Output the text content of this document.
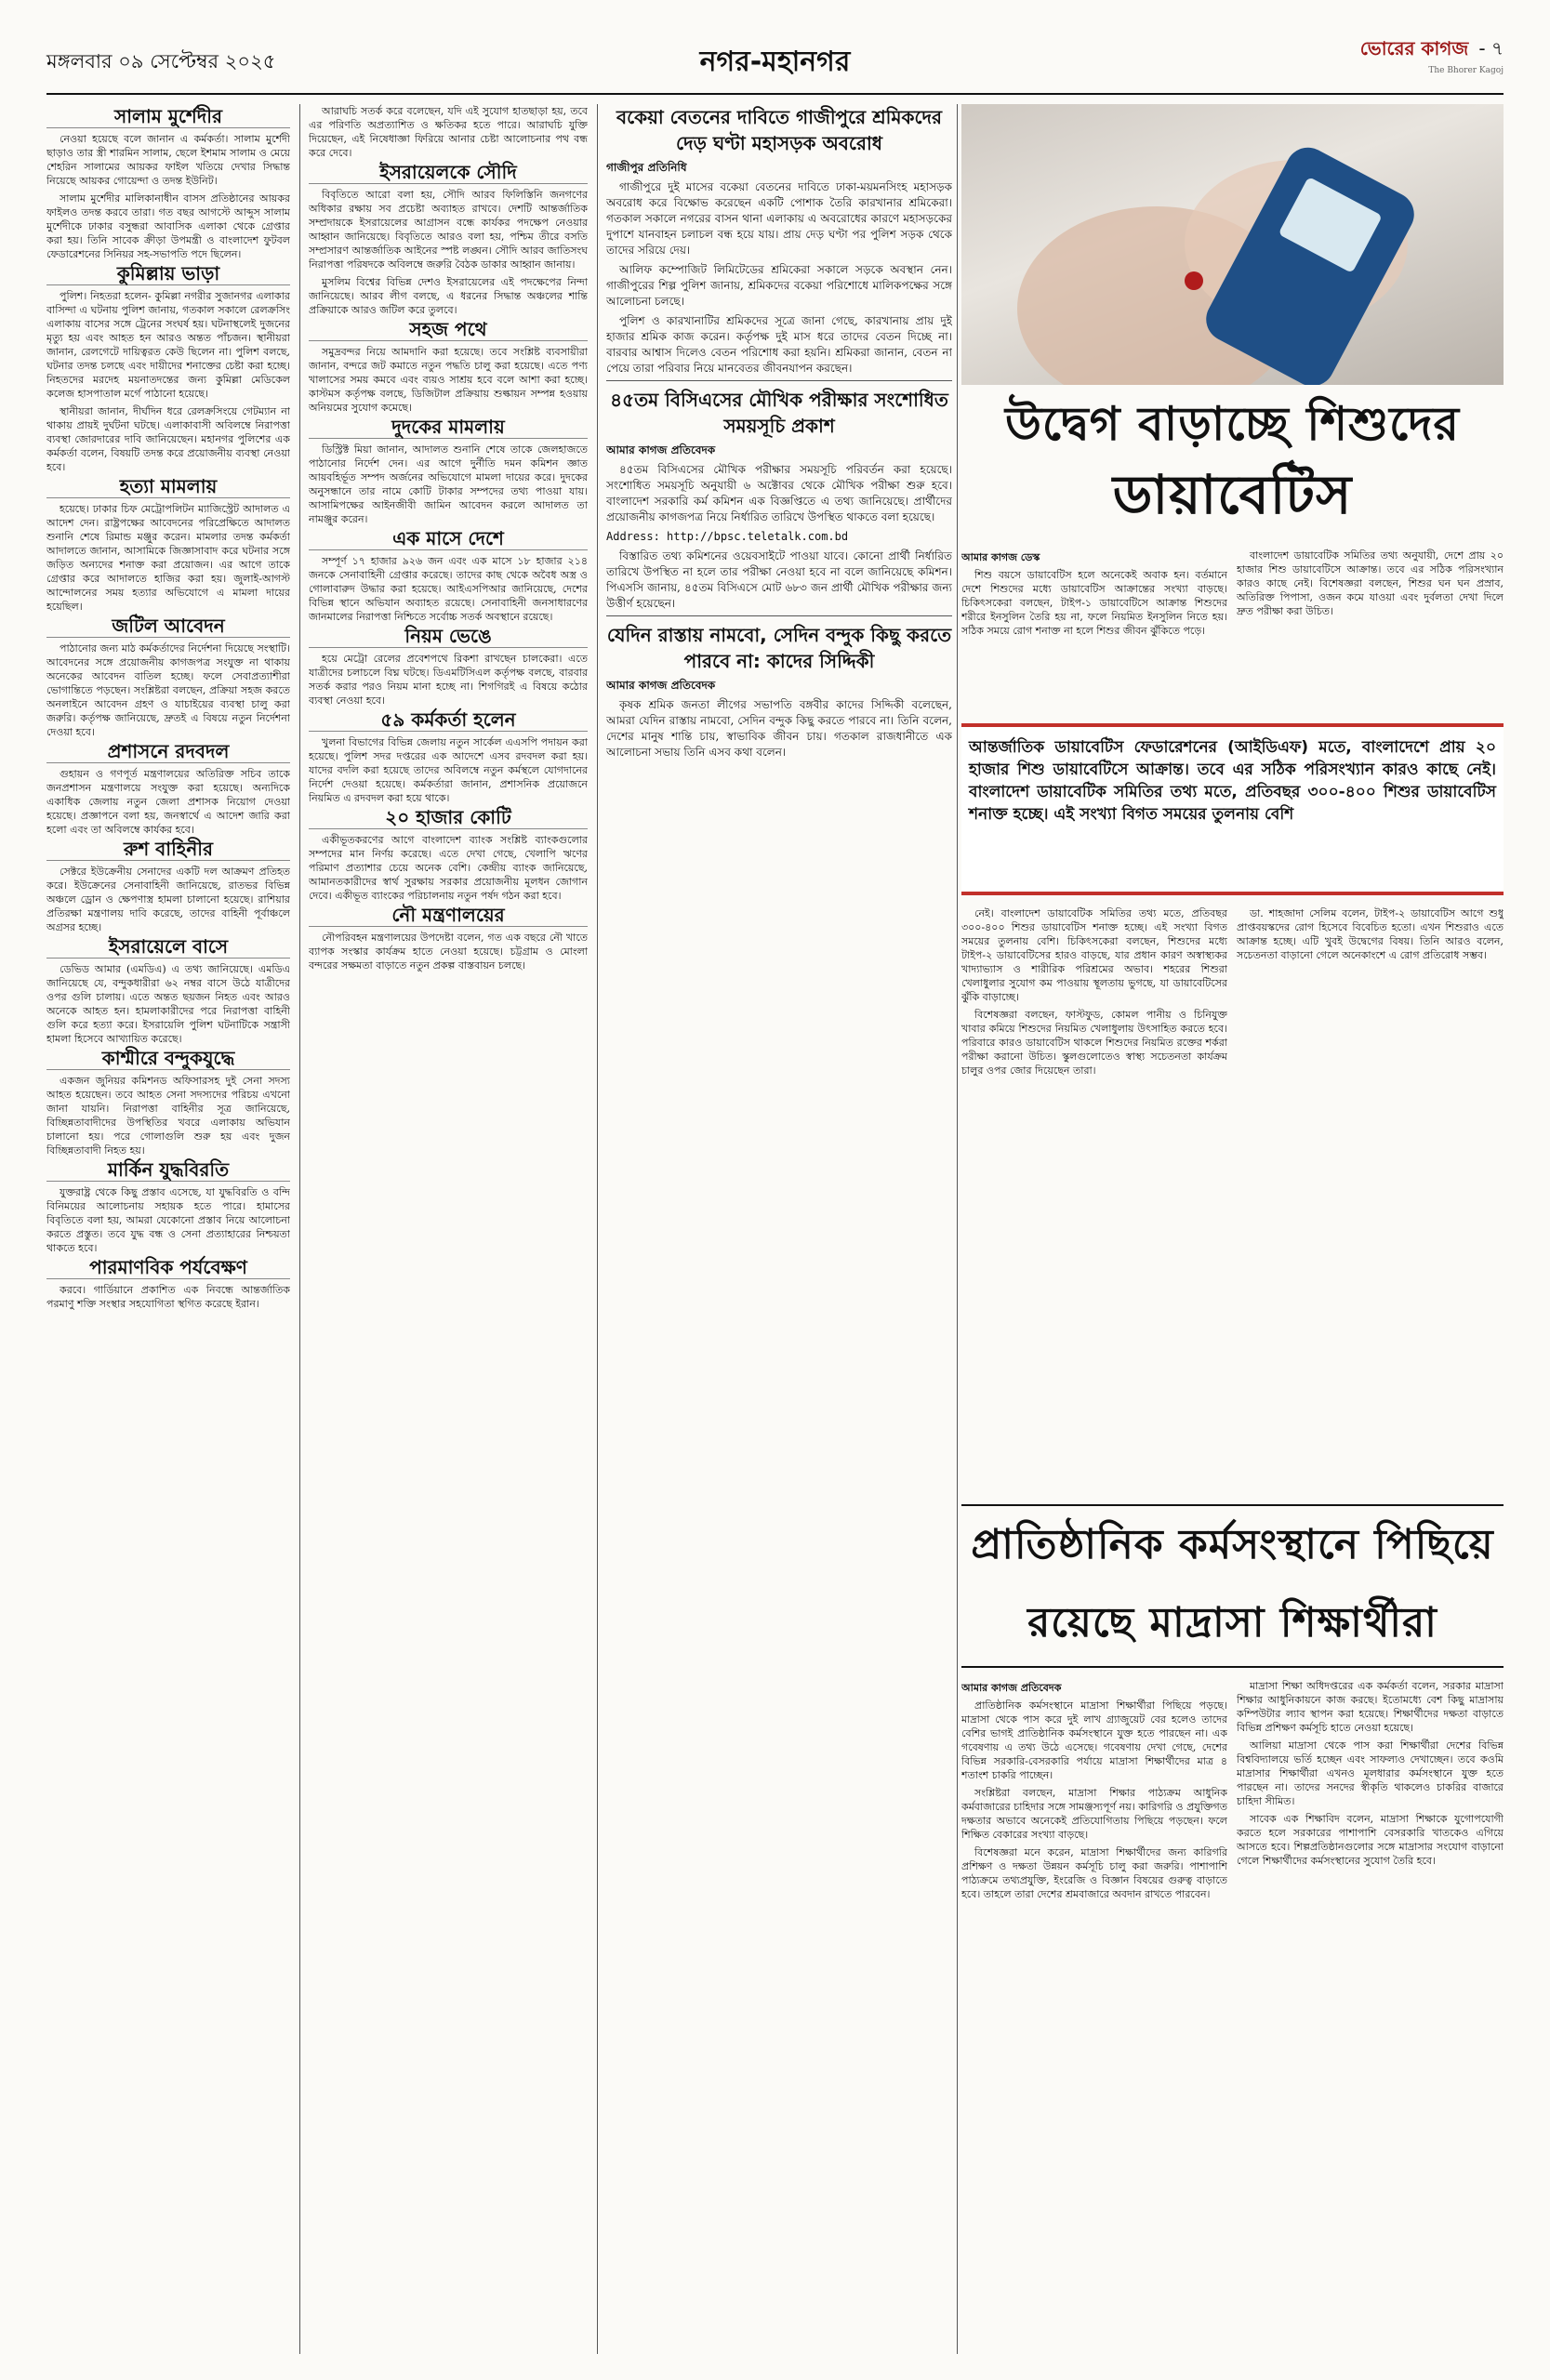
মঙ্গলবার ০৯ সেপ্টেম্বর ২০২৫	নগর-মহানগর	ভোরের কাগজ - ৭
The Bhorer Kagoj
সালাম মুর্শেদীর

নেওয়া হয়েছে বলে জানান এ কর্মকর্তা। সালাম মুর্শেদী ছাড়াও তার স্ত্রী শারমিন সালাম, ছেলে ইশমাম সালাম ও মেয়ে শেহরিন সালামের আয়কর ফাইল খতিয়ে দেখার সিদ্ধান্ত নিয়েছে আয়কর গোয়েন্দা ও তদন্ত ইউনিট।

সালাম মুর্শেদীর মালিকানাধীন বাসস প্রতিষ্ঠানের আয়কর ফাইলও তদন্ত করবে তারা। গত বছর আগস্টে আব্দুস সালাম মুর্শেদীকে ঢাকার বসুন্ধরা আবাসিক এলাকা থেকে গ্রেপ্তার করা হয়। তিনি সাবেক ক্রীড়া উপমন্ত্রী ও বাংলাদেশ ফুটবল ফেডারেশনের সিনিয়র সহ-সভাপতি পদে ছিলেন।

কুমিল্লায় ভাড়া

পুলিশ। নিহতরা হলেন- কুমিল্লা নগরীর সুজানগর এলাকার বাসিন্দা এ ঘটনায় পুলিশ জানায়, গতকাল সকালে রেলক্রসিং এলাকায় বাসের সঙ্গে ট্রেনের সংঘর্ষ হয়। ঘটনাস্থলেই দুজনের মৃত্যু হয় এবং আহত হন আরও অন্তত পাঁচজন। স্থানীয়রা জানান, রেলগেটে দায়িত্বরত কেউ ছিলেন না। পুলিশ বলছে, ঘটনার তদন্ত চলছে এবং দায়ীদের শনাক্তের চেষ্টা করা হচ্ছে। নিহতদের মরদেহ ময়নাতদন্তের জন্য কুমিল্লা মেডিকেল কলেজ হাসপাতাল মর্গে পাঠানো হয়েছে।

স্থানীয়রা জানান, দীর্ঘদিন ধরে রেলক্রসিংয়ে গেটম্যান না থাকায় প্রায়ই দুর্ঘটনা ঘটছে। এলাকাবাসী অবিলম্বে নিরাপত্তা ব্যবস্থা জোরদারের দাবি জানিয়েছেন। মহানগর পুলিশের এক কর্মকর্তা বলেন, বিষয়টি তদন্ত করে প্রয়োজনীয় ব্যবস্থা নেওয়া হবে।

হত্যা মামলায়

হয়েছে। ঢাকার চিফ মেট্রোপলিটন ম্যাজিস্ট্রেট আদালত এ আদেশ দেন। রাষ্ট্রপক্ষের আবেদনের পরিপ্রেক্ষিতে আদালত শুনানি শেষে রিমান্ড মঞ্জুর করেন। মামলার তদন্ত কর্মকর্তা আদালতে জানান, আসামিকে জিজ্ঞাসাবাদ করে ঘটনার সঙ্গে জড়িত অন্যদের শনাক্ত করা প্রয়োজন। এর আগে তাকে গ্রেপ্তার করে আদালতে হাজির করা হয়। জুলাই-আগস্ট আন্দোলনের সময় হত্যার অভিযোগে এ মামলা দায়ের হয়েছিল।

জটিল আবেদন

পাঠানোর জন্য মাঠ কর্মকর্তাদের নির্দেশনা দিয়েছে সংস্থাটি। আবেদনের সঙ্গে প্রয়োজনীয় কাগজপত্র সংযুক্ত না থাকায় অনেকের আবেদন বাতিল হচ্ছে। ফলে সেবাপ্রত্যাশীরা ভোগান্তিতে পড়ছেন। সংশ্লিষ্টরা বলছেন, প্রক্রিয়া সহজ করতে অনলাইনে আবেদন গ্রহণ ও যাচাইয়ের ব্যবস্থা চালু করা জরুরি। কর্তৃপক্ষ জানিয়েছে, দ্রুতই এ বিষয়ে নতুন নির্দেশনা দেওয়া হবে।

প্রশাসনে রদবদল

গুহায়ন ও গণপূর্ত মন্ত্রণালয়ের অতিরিক্ত সচিব তাকে জনপ্রশাসন মন্ত্রণালয়ে সংযুক্ত করা হয়েছে। অন্যদিকে একাধিক জেলায় নতুন জেলা প্রশাসক নিয়োগ দেওয়া হয়েছে। প্রজ্ঞাপনে বলা হয়, জনস্বার্থে এ আদেশ জারি করা হলো এবং তা অবিলম্বে কার্যকর হবে।

রুশ বাহিনীর

সেক্টরে ইউক্রেনীয় সেনাদের একটি দল আক্রমণ প্রতিহত করে। ইউক্রেনের সেনাবাহিনী জানিয়েছে, রাতভর বিভিন্ন অঞ্চলে ড্রোন ও ক্ষেপণাস্ত্র হামলা চালানো হয়েছে। রাশিয়ার প্রতিরক্ষা মন্ত্রণালয় দাবি করেছে, তাদের বাহিনী পূর্বাঞ্চলে অগ্রসর হচ্ছে।

ইসরায়েলে বাসে

ডেভিড আমার (এমডিএ) এ তথ্য জানিয়েছে। এমডিএ জানিয়েছে যে, বন্দুকধারীরা ৬২ নম্বর বাসে উঠে যাত্রীদের ওপর গুলি চালায়। এতে অন্তত ছয়জন নিহত এবং আরও অনেকে আহত হন। হামলাকারীদের পরে নিরাপত্তা বাহিনী গুলি করে হত্যা করে। ইসরায়েলি পুলিশ ঘটনাটিকে সন্ত্রাসী হামলা হিসেবে আখ্যায়িত করেছে।

কাশ্মীরে বন্দুকযুদ্ধে

একজন জুনিয়র কমিশনড অফিসারসহ দুই সেনা সদস্য আহত হয়েছেন। তবে আহত সেনা সদস্যদের পরিচয় এখনো জানা যায়নি। নিরাপত্তা বাহিনীর সূত্র জানিয়েছে, বিচ্ছিন্নতাবাদীদের উপস্থিতির খবরে এলাকায় অভিযান চালানো হয়। পরে গোলাগুলি শুরু হয় এবং দুজন বিচ্ছিন্নতাবাদী নিহত হয়।

মার্কিন যুদ্ধবিরতি

যুক্তরাষ্ট্র থেকে কিছু প্রস্তাব এসেছে, যা যুদ্ধবিরতি ও বন্দি বিনিময়ের আলোচনায় সহায়ক হতে পারে। হামাসের বিবৃতিতে বলা হয়, আমরা যেকোনো প্রস্তাব নিয়ে আলোচনা করতে প্রস্তুত। তবে যুদ্ধ বন্ধ ও সেনা প্রত্যাহারের নিশ্চয়তা থাকতে হবে।

পারমাণবিক পর্যবেক্ষণ

করবে। গার্ডিয়ানে প্রকাশিত এক নিবন্ধে আন্তর্জাতিক পরমাণু শক্তি সংস্থার সহযোগিতা স্থগিত করেছে ইরান।

আরাঘচি সতর্ক করে বলেছেন, যদি এই সুযোগ হাতছাড়া হয়, তবে এর পরিণতি অপ্রত্যাশিত ও ক্ষতিকর হতে পারে। আরাঘচি যুক্তি দিয়েছেন, এই নিষেধাজ্ঞা ফিরিয়ে আনার চেষ্টা আলোচনার পথ বন্ধ করে দেবে।

ইসরায়েলকে সৌদি

বিবৃতিতে আরো বলা হয়, সৌদি আরব ফিলিস্তিনি জনগণের অধিকার রক্ষায় সব প্রচেষ্টা অব্যাহত রাখবে। দেশটি আন্তর্জাতিক সম্প্রদায়কে ইসরায়েলের আগ্রাসন বন্ধে কার্যকর পদক্ষেপ নেওয়ার আহ্বান জানিয়েছে। বিবৃতিতে আরও বলা হয়, পশ্চিম তীরে বসতি সম্প্রসারণ আন্তর্জাতিক আইনের স্পষ্ট লঙ্ঘন। সৌদি আরব জাতিসংঘ নিরাপত্তা পরিষদকে অবিলম্বে জরুরি বৈঠক ডাকার আহ্বান জানায়।

মুসলিম বিশ্বের বিভিন্ন দেশও ইসরায়েলের এই পদক্ষেপের নিন্দা জানিয়েছে। আরব লীগ বলছে, এ ধরনের সিদ্ধান্ত অঞ্চলের শান্তি প্রক্রিয়াকে আরও জটিল করে তুলবে।

সহজ পথে

সমুদ্রবন্দর নিয়ে আমদানি করা হয়েছে। তবে সংশ্লিষ্ট ব্যবসায়ীরা জানান, বন্দরে জট কমাতে নতুন পদ্ধতি চালু করা হয়েছে। এতে পণ্য খালাসের সময় কমবে এবং ব্যয়ও সাশ্রয় হবে বলে আশা করা হচ্ছে। কাস্টমস কর্তৃপক্ষ বলছে, ডিজিটাল প্রক্রিয়ায় শুল্কায়ন সম্পন্ন হওয়ায় অনিয়মের সুযোগ কমেছে।

দুদকের মামলায়

ডিস্ট্রিক্ট মিয়া জানান, আদালত শুনানি শেষে তাকে জেলহাজতে পাঠানোর নির্দেশ দেন। এর আগে দুর্নীতি দমন কমিশন জ্ঞাত আয়বহির্ভূত সম্পদ অর্জনের অভিযোগে মামলা দায়ের করে। দুদকের অনুসন্ধানে তার নামে কোটি টাকার সম্পদের তথ্য পাওয়া যায়। আসামিপক্ষের আইনজীবী জামিন আবেদন করলে আদালত তা নামঞ্জুর করেন।

এক মাসে দেশে

সম্পূর্ণ ১৭ হাজার ৯২৬ জন এবং এক মাসে ১৮ হাজার ২১৪ জনকে সেনাবাহিনী গ্রেপ্তার করেছে। তাদের কাছ থেকে অবৈধ অস্ত্র ও গোলাবারুদ উদ্ধার করা হয়েছে। আইএসপিআর জানিয়েছে, দেশের বিভিন্ন স্থানে অভিযান অব্যাহত রয়েছে। সেনাবাহিনী জনসাধারণের জানমালের নিরাপত্তা নিশ্চিতে সর্বোচ্চ সতর্ক অবস্থানে রয়েছে।

নিয়ম ভেঙে

হয়ে মেট্রো রেলের প্রবেশপথে রিকশা রাখছেন চালকেরা। এতে যাত্রীদের চলাচলে বিঘ্ন ঘটছে। ডিএমটিসিএল কর্তৃপক্ষ বলছে, বারবার সতর্ক করার পরও নিয়ম মানা হচ্ছে না। শিগগিরই এ বিষয়ে কঠোর ব্যবস্থা নেওয়া হবে।

৫৯ কর্মকর্তা হলেন

খুলনা বিভাগের বিভিন্ন জেলায় নতুন সার্কেল এএসপি পদায়ন করা হয়েছে। পুলিশ সদর দপ্তরের এক আদেশে এসব রদবদল করা হয়। যাদের বদলি করা হয়েছে তাদের অবিলম্বে নতুন কর্মস্থলে যোগদানের নির্দেশ দেওয়া হয়েছে। কর্মকর্তারা জানান, প্রশাসনিক প্রয়োজনে নিয়মিত এ রদবদল করা হয়ে থাকে।

২০ হাজার কোটি

একীভূতকরণের আগে বাংলাদেশ ব্যাংক সংশ্লিষ্ট ব্যাংকগুলোর সম্পদের মান নির্ণয় করেছে। এতে দেখা গেছে, খেলাপি ঋণের পরিমাণ প্রত্যাশার চেয়ে অনেক বেশি। কেন্দ্রীয় ব্যাংক জানিয়েছে, আমানতকারীদের স্বার্থ সুরক্ষায় সরকার প্রয়োজনীয় মূলধন জোগান দেবে। একীভূত ব্যাংকের পরিচালনায় নতুন পর্ষদ গঠন করা হবে।

নৌ মন্ত্রণালয়ের

নৌপরিবহন মন্ত্রণালয়ের উপদেষ্টা বলেন, গত এক বছরে নৌ খাতে ব্যাপক সংস্কার কার্যক্রম হাতে নেওয়া হয়েছে। চট্টগ্রাম ও মোংলা বন্দরের সক্ষমতা বাড়াতে নতুন প্রকল্প বাস্তবায়ন চলছে।

বকেয়া বেতনের দাবিতে গাজীপুরে শ্রমিকদের দেড় ঘণ্টা মহাসড়ক অবরোধ
গাজীপুর প্রতিনিধি

গাজীপুরে দুই মাসের বকেয়া বেতনের দাবিতে ঢাকা-ময়মনসিংহ মহাসড়ক অবরোধ করে বিক্ষোভ করেছেন একটি পোশাক তৈরি কারখানার শ্রমিকেরা। গতকাল সকালে নগরের বাসন থানা এলাকায় এ অবরোধের কারণে মহাসড়কের দুপাশে যানবাহন চলাচল বন্ধ হয়ে যায়। প্রায় দেড় ঘণ্টা পর পুলিশ সড়ক থেকে তাদের সরিয়ে দেয়।

আলিফ কম্পোজিট লিমিটেডের শ্রমিকেরা সকালে সড়কে অবস্থান নেন। গাজীপুরের শিল্প পুলিশ জানায়, শ্রমিকদের বকেয়া পরিশোধে মালিকপক্ষের সঙ্গে আলোচনা চলছে।

পুলিশ ও কারখানাটির শ্রমিকদের সূত্রে জানা গেছে, কারখানায় প্রায় দুই হাজার শ্রমিক কাজ করেন। কর্তৃপক্ষ দুই মাস ধরে তাদের বেতন দিচ্ছে না। বারবার আশ্বাস দিলেও বেতন পরিশোধ করা হয়নি। শ্রমিকরা জানান, বেতন না পেয়ে তারা পরিবার নিয়ে মানবেতর জীবনযাপন করছেন।

৪৫তম বিসিএসের মৌখিক পরীক্ষার সংশোধিত সময়সূচি প্রকাশ
আমার কাগজ প্রতিবেদক

৪৫তম বিসিএসের মৌখিক পরীক্ষার সময়সূচি পরিবর্তন করা হয়েছে। সংশোধিত সময়সূচি অনুযায়ী ৬ অক্টোবর থেকে মৌখিক পরীক্ষা শুরু হবে। বাংলাদেশ সরকারি কর্ম কমিশন এক বিজ্ঞপ্তিতে এ তথ্য জানিয়েছে। প্রার্থীদের প্রয়োজনীয় কাগজপত্র নিয়ে নির্ধারিত তারিখে উপস্থিত থাকতে বলা হয়েছে।

Address: http://bpsc.teletalk.com.bd

বিস্তারিত তথ্য কমিশনের ওয়েবসাইটে পাওয়া যাবে। কোনো প্রার্থী নির্ধারিত তারিখে উপস্থিত না হলে তার পরীক্ষা নেওয়া হবে না বলে জানিয়েছে কমিশন। পিএসসি জানায়, ৪৫তম বিসিএসে মোট ৬৮৩ জন প্রার্থী মৌখিক পরীক্ষার জন্য উত্তীর্ণ হয়েছেন।

যেদিন রাস্তায় নামবো, সেদিন বন্দুক কিছু করতে পারবে না: কাদের সিদ্দিকী
আমার কাগজ প্রতিবেদক

কৃষক শ্রমিক জনতা লীগের সভাপতি বঙ্গবীর কাদের সিদ্দিকী বলেছেন, আমরা যেদিন রাস্তায় নামবো, সেদিন বন্দুক কিছু করতে পারবে না। তিনি বলেন, দেশের মানুষ শান্তি চায়, স্বাভাবিক জীবন চায়। গতকাল রাজধানীতে এক আলোচনা সভায় তিনি এসব কথা বলেন।

উদ্বেগ বাড়াচ্ছে শিশুদের
ডায়াবেটিস
আমার কাগজ ডেস্ক

শিশু বয়সে ডায়াবেটিস হলে অনেকেই অবাক হন। বর্তমানে দেশে শিশুদের মধ্যে ডায়াবেটিস আক্রান্তের সংখ্যা বাড়ছে। চিকিৎসকেরা বলছেন, টাইপ-১ ডায়াবেটিসে আক্রান্ত শিশুদের শরীরে ইনসুলিন তৈরি হয় না, ফলে নিয়মিত ইনসুলিন নিতে হয়। সঠিক সময়ে রোগ শনাক্ত না হলে শিশুর জীবন ঝুঁকিতে পড়ে।

বাংলাদেশ ডায়াবেটিক সমিতির তথ্য অনুযায়ী, দেশে প্রায় ২০ হাজার শিশু ডায়াবেটিসে আক্রান্ত। তবে এর সঠিক পরিসংখ্যান কারও কাছে নেই। বিশেষজ্ঞরা বলছেন, শিশুর ঘন ঘন প্রস্রাব, অতিরিক্ত পিপাসা, ওজন কমে যাওয়া এবং দুর্বলতা দেখা দিলে দ্রুত পরীক্ষা করা উচিত।

আন্তর্জাতিক ডায়াবেটিস ফেডারেশনের (আইডিএফ) মতে, বাংলাদেশে প্রায় ২০ হাজার শিশু ডায়াবেটিসে আক্রান্ত। তবে এর সঠিক পরিসংখ্যান কারও কাছে নেই। বাংলাদেশ ডায়াবেটিক সমিতির তথ্য মতে, প্রতিবছর ৩০০-৪০০ শিশুর ডায়াবেটিস শনাক্ত হচ্ছে। এই সংখ্যা বিগত সময়ের তুলনায় বেশি

নেই। বাংলাদেশ ডায়াবেটিক সমিতির তথ্য মতে, প্রতিবছর ৩০০-৪০০ শিশুর ডায়াবেটিস শনাক্ত হচ্ছে। এই সংখ্যা বিগত সময়ের তুলনায় বেশি। চিকিৎসকেরা বলছেন, শিশুদের মধ্যে টাইপ-২ ডায়াবেটিসের হারও বাড়ছে, যার প্রধান কারণ অস্বাস্থ্যকর খাদ্যাভ্যাস ও শারীরিক পরিশ্রমের অভাব। শহরের শিশুরা খেলাধুলার সুযোগ কম পাওয়ায় স্থূলতায় ভুগছে, যা ডায়াবেটিসের ঝুঁকি বাড়াচ্ছে।

বিশেষজ্ঞরা বলছেন, ফাস্টফুড, কোমল পানীয় ও চিনিযুক্ত খাবার কমিয়ে শিশুদের নিয়মিত খেলাধুলায় উৎসাহিত করতে হবে। পরিবারে কারও ডায়াবেটিস থাকলে শিশুদের নিয়মিত রক্তের শর্করা পরীক্ষা করানো উচিত। স্কুলগুলোতেও স্বাস্থ্য সচেতনতা কার্যক্রম চালুর ওপর জোর দিয়েছেন তারা।

ডা. শাহজাদা সেলিম বলেন, টাইপ-২ ডায়াবেটিস আগে শুধু প্রাপ্তবয়স্কদের রোগ হিসেবে বিবেচিত হতো। এখন শিশুরাও এতে আক্রান্ত হচ্ছে। এটি খুবই উদ্বেগের বিষয়। তিনি আরও বলেন, সচেতনতা বাড়ানো গেলে অনেকাংশে এ রোগ প্রতিরোধ সম্ভব।

প্রাতিষ্ঠানিক কর্মসংস্থানে পিছিয়ে
রয়েছে মাদ্রাসা শিক্ষার্থীরা
আমার কাগজ প্রতিবেদক

প্রাতিষ্ঠানিক কর্মসংস্থানে মাদ্রাসা শিক্ষার্থীরা পিছিয়ে পড়ছে। মাদ্রাসা থেকে পাস করে দুই লাখ গ্র্যাজুয়েট বের হলেও তাদের বেশির ভাগই প্রাতিষ্ঠানিক কর্মসংস্থানে যুক্ত হতে পারছেন না। এক গবেষণায় এ তথ্য উঠে এসেছে। গবেষণায় দেখা গেছে, দেশের বিভিন্ন সরকারি-বেসরকারি পর্যায়ে মাদ্রাসা শিক্ষার্থীদের মাত্র ৪ শতাংশ চাকরি পাচ্ছেন।

সংশ্লিষ্টরা বলছেন, মাদ্রাসা শিক্ষার পাঠ্যক্রম আধুনিক কর্মবাজারের চাহিদার সঙ্গে সামঞ্জস্যপূর্ণ নয়। কারিগরি ও প্রযুক্তিগত দক্ষতার অভাবে অনেকেই প্রতিযোগিতায় পিছিয়ে পড়ছেন। ফলে শিক্ষিত বেকারের সংখ্যা বাড়ছে।

বিশেষজ্ঞরা মনে করেন, মাদ্রাসা শিক্ষার্থীদের জন্য কারিগরি প্রশিক্ষণ ও দক্ষতা উন্নয়ন কর্মসূচি চালু করা জরুরি। পাশাপাশি পাঠ্যক্রমে তথ্যপ্রযুক্তি, ইংরেজি ও বিজ্ঞান বিষয়ের গুরুত্ব বাড়াতে হবে। তাহলে তারা দেশের শ্রমবাজারে অবদান রাখতে পারবেন।

মাদ্রাসা শিক্ষা অধিদপ্তরের এক কর্মকর্তা বলেন, সরকার মাদ্রাসা শিক্ষার আধুনিকায়নে কাজ করছে। ইতোমধ্যে বেশ কিছু মাদ্রাসায় কম্পিউটার ল্যাব স্থাপন করা হয়েছে। শিক্ষার্থীদের দক্ষতা বাড়াতে বিভিন্ন প্রশিক্ষণ কর্মসূচি হাতে নেওয়া হয়েছে।

আলিয়া মাদ্রাসা থেকে পাস করা শিক্ষার্থীরা দেশের বিভিন্ন বিশ্ববিদ্যালয়ে ভর্তি হচ্ছেন এবং সাফল্যও দেখাচ্ছেন। তবে কওমি মাদ্রাসার শিক্ষার্থীরা এখনও মূলধারার কর্মসংস্থানে যুক্ত হতে পারছেন না। তাদের সনদের স্বীকৃতি থাকলেও চাকরির বাজারে চাহিদা সীমিত।

সাবেক এক শিক্ষাবিদ বলেন, মাদ্রাসা শিক্ষাকে যুগোপযোগী করতে হলে সরকারের পাশাপাশি বেসরকারি খাতকেও এগিয়ে আসতে হবে। শিল্পপ্রতিষ্ঠানগুলোর সঙ্গে মাদ্রাসার সংযোগ বাড়ানো গেলে শিক্ষার্থীদের কর্মসংস্থানের সুযোগ তৈরি হবে।
